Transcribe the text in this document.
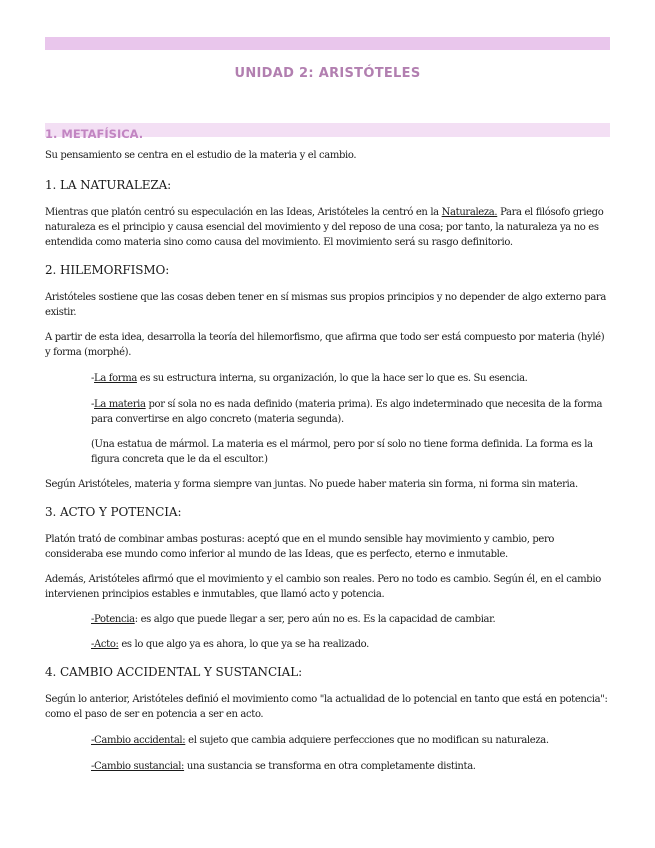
UNIDAD 2: ARISTÓTELES
1. METAFÍSICA.

Su pensamiento se centra en el estudio de la materia y el cambio.

1. LA NATURALEZA:

Mientras que platón centró su especulación en las Ideas, Aristóteles la centró en la Naturaleza. Para el filósofo griego naturaleza es el principio y causa esencial del movimiento y del reposo de una cosa; por tanto, la naturaleza ya no es entendida como materia sino como causa del movimiento. El movimiento será su rasgo definitorio.

2. HILEMORFISMO:

Aristóteles sostiene que las cosas deben tener en sí mismas sus propios principios y no depender de algo externo para existir.

A partir de esta idea, desarrolla la teoría del hilemorfismo, que afirma que todo ser está compuesto por materia (hylé) y forma (morphé).

-La forma es su estructura interna, su organización, lo que la hace ser lo que es. Su esencia.

-La materia por sí sola no es nada definido (materia prima). Es algo indeterminado que necesita de la forma para convertirse en algo concreto (materia segunda).

(Una estatua de mármol. La materia es el mármol, pero por sí solo no tiene forma definida. La forma es la figura concreta que le da el escultor.)

Según Aristóteles, materia y forma siempre van juntas. No puede haber materia sin forma, ni forma sin materia.

3. ACTO Y POTENCIA:

Platón trató de combinar ambas posturas: aceptó que en el mundo sensible hay movimiento y cambio, pero consideraba ese mundo como inferior al mundo de las Ideas, que es perfecto, eterno e inmutable.

Además, Aristóteles afirmó que el movimiento y el cambio son reales. Pero no todo es cambio. Según él, en el cambio intervienen principios estables e inmutables, que llamó acto y potencia.

-Potencia: es algo que puede llegar a ser, pero aún no es. Es la capacidad de cambiar.

-Acto: es lo que algo ya es ahora, lo que ya se ha realizado.

4. CAMBIO ACCIDENTAL Y SUSTANCIAL:

Según lo anterior, Aristóteles definió el movimiento como "la actualidad de lo potencial en tanto que está en potencia": como el paso de ser en potencia a ser en acto.

-Cambio accidental: el sujeto que cambia adquiere perfecciones que no modifican su naturaleza.

-Cambio sustancial: una sustancia se transforma en otra completamente distinta.
